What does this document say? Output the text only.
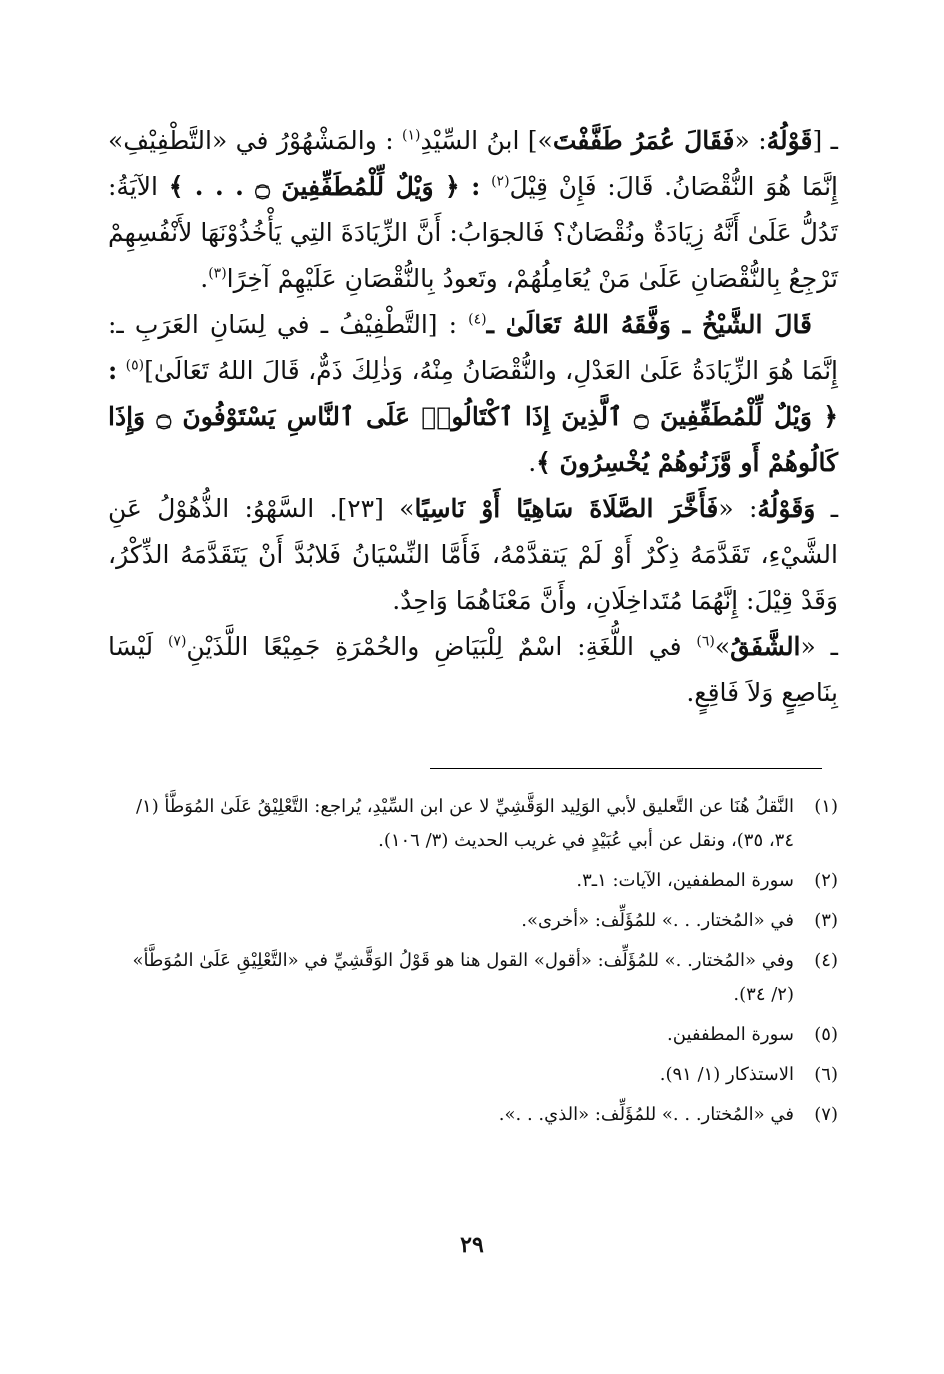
ـ [قَوْلُهُ: «فَقَالَ عُمَرُ طَفَّفْتَ»] ابنُ السِّيْدِ$^{(١)}$ : والمَشْهُوْرُ في «التَّطْفِيْفِ» إِنَّمَا هُوَ النُّقْصَانُ. قَالَ: فَإِنْ قِيْلَ$^{(٢)}$ : ﴿ وَيْلٌ لِّلْمُطَفِّفِينَ ۝ . . . ﴾ الآيَةُ: تَدُلُّ عَلَىٰ أَنَّهُ زِيَادَةٌ ونُقْصَانٌ؟ فَالجوَابُ: أَنَّ الزِّيَادَةَ التِي يَأْخُذُوْنَهَا لأَنْفُسِهِمْ تَرْجِعُ بِالنُّقْصَانِ عَلَىٰ مَنْ يُعَامِلُهُمْ، وتَعودُ بِالنُّقْصَانِ عَلَيْهِمْ آخِرًا$^{(٣)}$.

قَالَ الشَّيْخُ ـ وَفَّقَهُ اللهُ تَعَالَىٰ ـ$^{(٤)}$ : [التَّطْفِيْفُ ـ في لِسَانِ العَرَبِ ـ: إِنَّمَا هُوَ الزِّيَادَةُ عَلَىٰ العَدْلِ، والنُّقْصَانُ مِنْهُ، وَذٰلِكَ ذَمٌّ، قَالَ اللهُ تَعَالَىٰ]$^{(٥)}$ : ﴿ وَيْلٌ لِّلْمُطَفِّفِينَ ۝ ٱلَّذِينَ إِذَا ٱكْتَالُوا۟ عَلَى ٱلنَّاسِ يَسْتَوْفُونَ ۝ وَإِذَا كَالُوهُمْ أَو وَّزَنُوهُمْ يُخْسِرُونَ ﴾.

ـ وَقَوْلُهُ: «فَأَخَّرَ الصَّلَاةَ سَاهِيًا أَوْ نَاسِيًا» [٢٣]. السَّهْوُ: الذُّهُوْلُ عَنِ الشَّيْءِ، تَقَدَّمَهُ ذِكْرٌ أَوْ لَمْ يَتقدَّمْهُ، فَأَمَّا النِّسْيَانُ فَلابُدَّ أَنْ يَتَقَدَّمَهُ الذِّكْرُ، وَقَدْ قِيْلَ: إِنَّهُمَا مُتَداخِلَانِ، وأَنَّ مَعْنَاهُمَا وَاحِدٌ.

ـ «الشَّفَقُ»$^{(٦)}$ في اللُّغَةِ: اسْمٌ لِلْبَيَاضِ والحُمْرَةِ جَمِيْعًا اللَّذَيْنِ$^{(٧)}$ لَيْسَا بِنَاصِعٍ وَلاَ فَاقِعٍ.

(١)
النَّقلُ هُنَا عن التَّعليق لأبي الوَلِيد الوَقَّشِيِّ لا عن ابن السِّيْدِ، يُراجع: التَّعْلِيْقُ عَلَىٰ المُوَطَّأ (١/ ٣٤، ٣٥)، ونقل عن أبي عُبَيْدٍ في غريب الحديث (٣/ ١٠٦).
(٢)
سورة المطففين، الآيات: ١ـ٣.
(٣)
في «المُختار. . .» للمُؤَلِّف: «أخرى».
(٤)
وفي «المُختار. .» للمُؤَلِّف: «أقول» القول هنا هو قَوْلُ الوَقَّشِيِّ في «التَّعْلِيْقِ عَلَىٰ المُوَطَّأ» (٢/ ٣٤).
(٥)
سورة المطففين.
(٦)
الاستذكار (١/ ٩١).
(٧)
في «المُختار. . .» للمُؤَلِّف: «الذي. . .».
٢٩
